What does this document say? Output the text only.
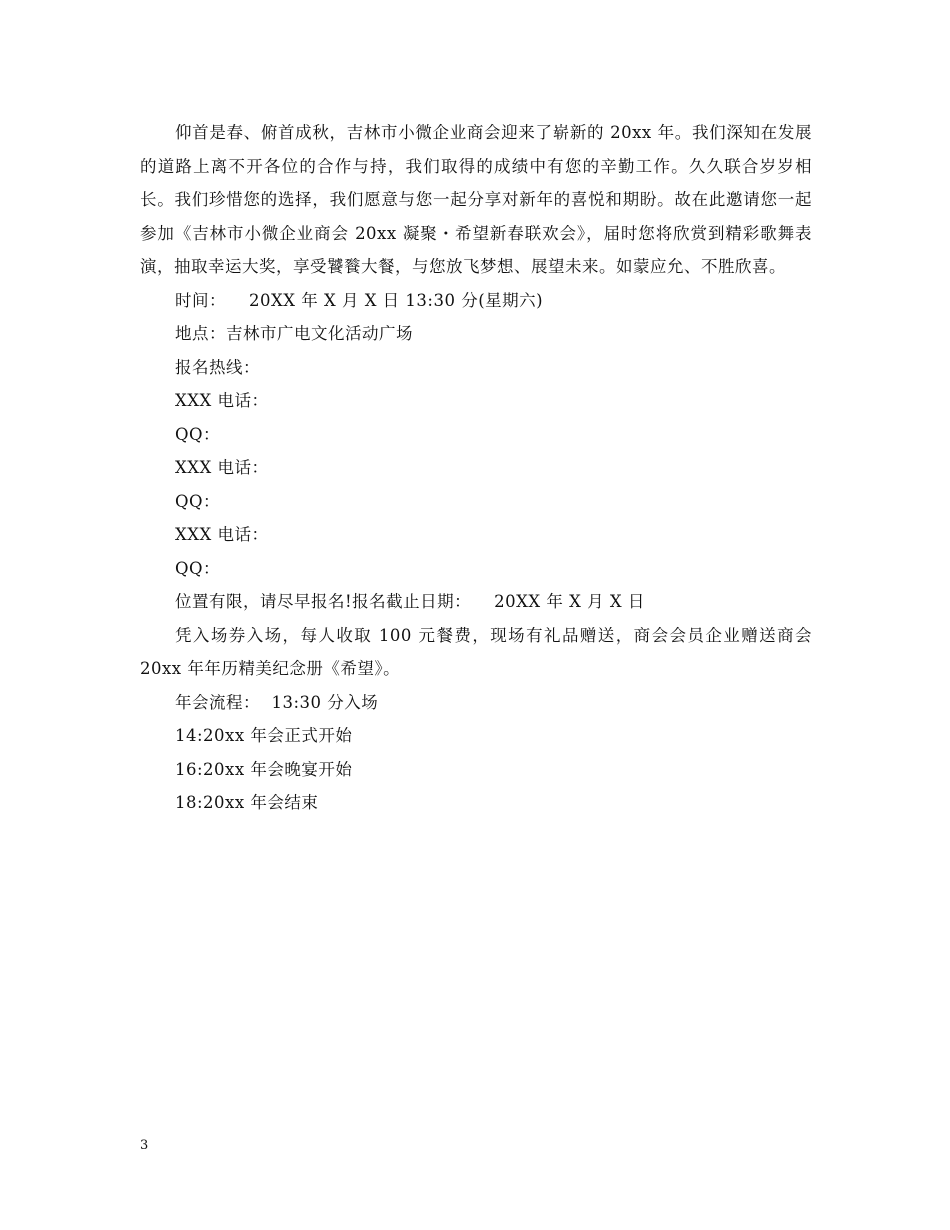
仰首是春、俯首成秋，吉林市小微企业商会迎来了崭新的 20xx 年。我们深知在发展的道路上离不开各位的合作与持，我们取得的成绩中有您的辛勤工作。久久联合岁岁相长。我们珍惜您的选择，我们愿意与您一起分享对新年的喜悦和期盼。故在此邀请您一起参加《吉林市小微企业商会 20xx 凝聚・希望新春联欢会》，届时您将欣赏到精彩歌舞表演，抽取幸运大奖，享受饕餮大餐，与您放飞梦想、展望未来。如蒙应允、不胜欣喜。

时间：    20XX 年 X 月 X 日 13:30 分(星期六)

地点：吉林市广电文化活动广场

报名热线：

XXX 电话：

QQ：

XXX 电话：

QQ：

XXX 电话：

QQ：

位置有限，请尽早报名!报名截止日期：    20XX 年 X 月 X 日

凭入场券入场，每人收取 100 元餐费，现场有礼品赠送，商会会员企业赠送商会 20xx 年年历精美纪念册《希望》。

年会流程：  13:30 分入场

14:20xx 年会正式开始

16:20xx 年会晚宴开始

18:20xx 年会结束

3
